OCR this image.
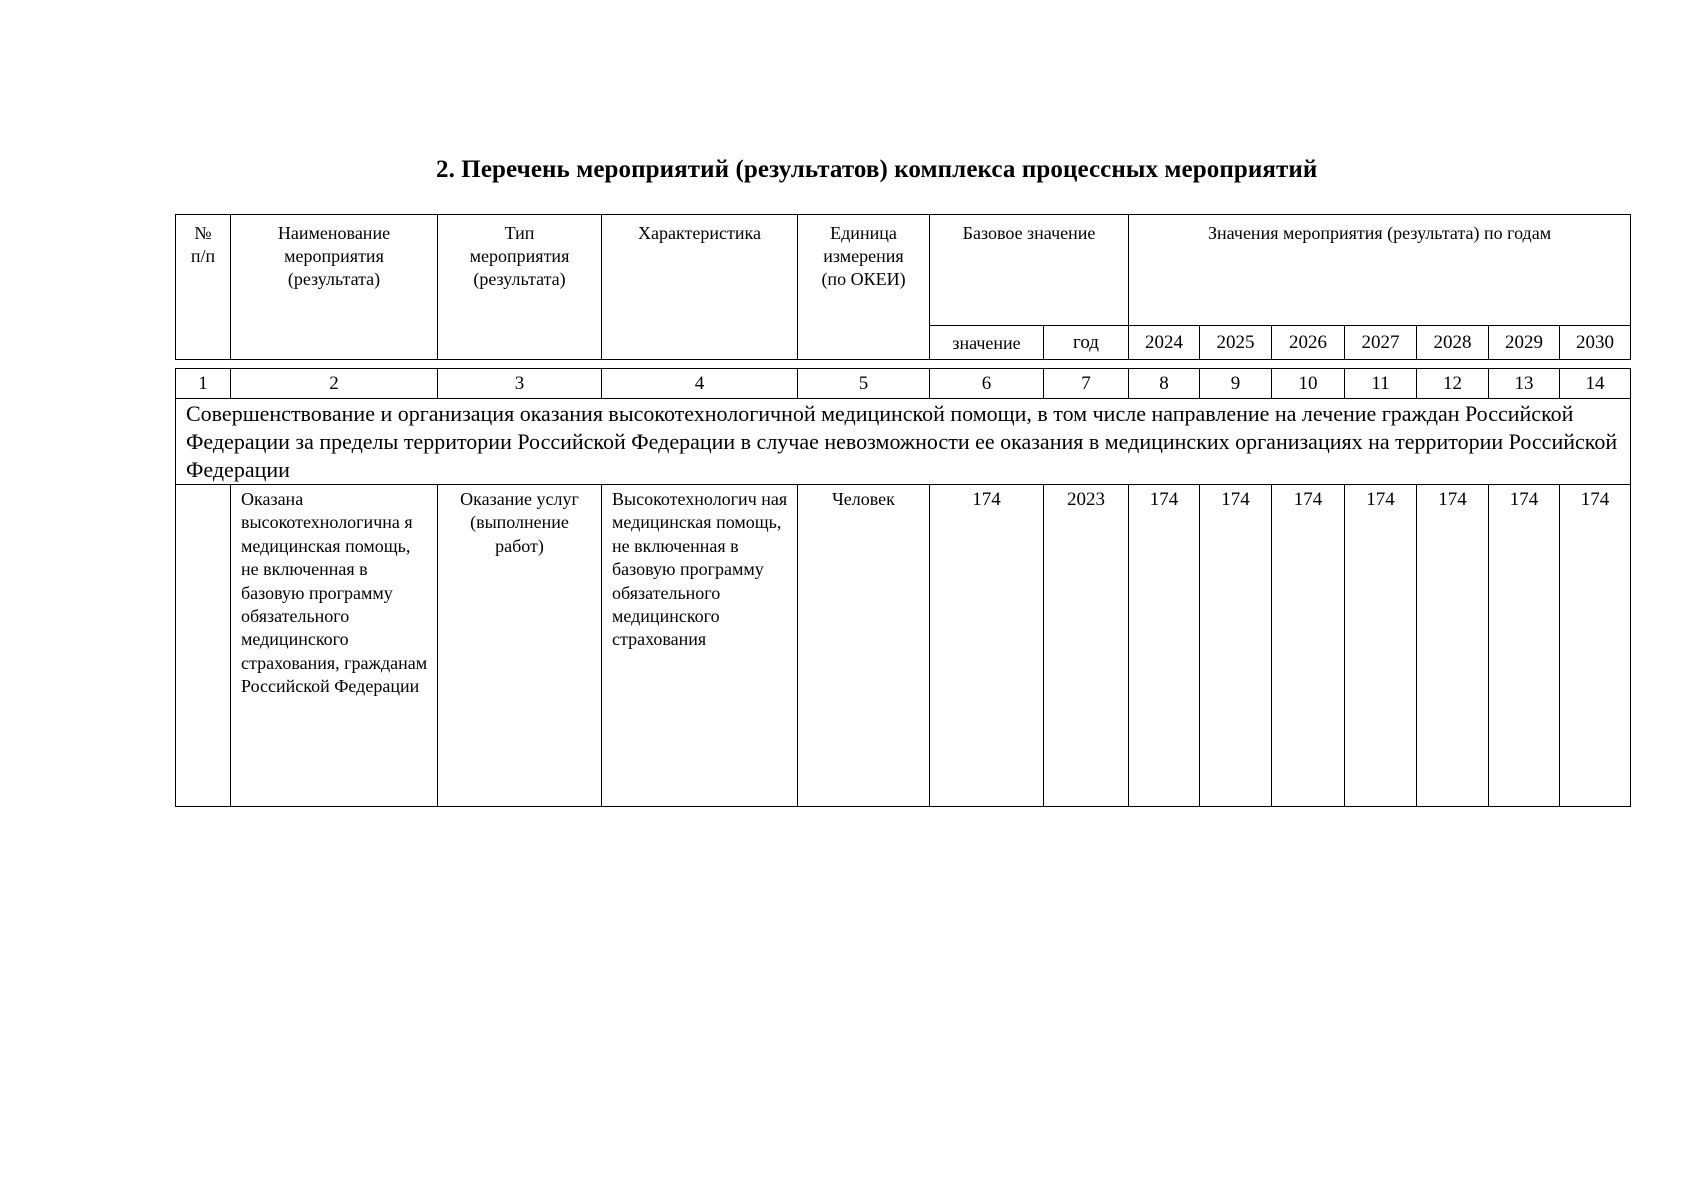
2. Перечень мероприятий (результатов) комплекса процессных мероприятий
№ п/п	Наименование мероприятия (результата)	Тип мероприятия (результата)	Характеристика	Единица измерения (по ОКЕИ)	Базовое значение		Значения мероприятия (результата) по годам						

					значение	год	2024	2025	2026	2027	2028	2029	2030
1	2	3	4	5	6	7	8	9	10	11	12	13	14
Совершенствование и организация оказания высокотехнологичной медицинской помощи, в том числе направление на лечение граждан Российской Федерации за пределы территории Российской Федерации в случае невозможности ее оказания в медицинских организациях на территории Российской Федерации													

	Оказана высокотехнологична я медицинская помощь, не включенная в базовую программу обязательного медицинского страхования, гражданам Российской Федерации	Оказание услуг (выполнение работ)	Высокотехнологич ная медицинская помощь, не включенная в базовую программу обязательного медицинского страхования	Человек	174	2023	174	174	174	174	174	174	174
